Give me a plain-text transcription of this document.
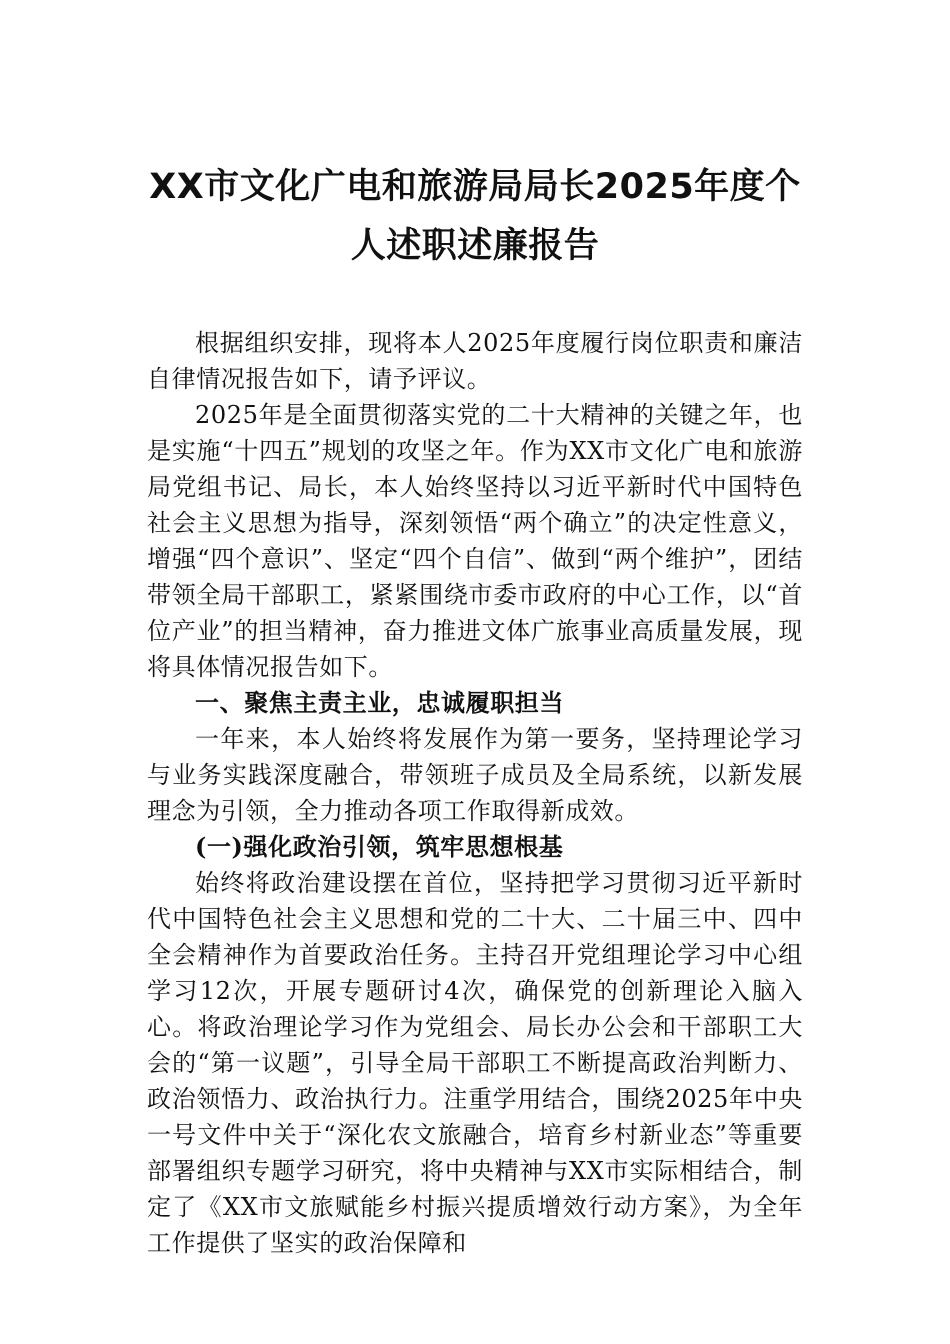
XX市文化广电和旅游局局长2025年度个
人述职述廉报告

根据组织安排，现将本人2025年度履行岗位职责和廉洁自律情况报告如下，请予评议。

2025年是全面贯彻落实党的二十大精神的关键之年，也是实施“十四五”规划的攻坚之年。作为XX市文化广电和旅游局党组书记、局长，本人始终坚持以习近平新时代中国特色社会主义思想为指导，深刻领悟“两个确立”的决定性意义，增强“四个意识”、坚定“四个自信”、做到“两个维护”，团结带领全局干部职工，紧紧围绕市委市政府的中心工作，以“首位产业”的担当精神，奋力推进文体广旅事业高质量发展，现将具体情况报告如下。

一、聚焦主责主业，忠诚履职担当

一年来，本人始终将发展作为第一要务，坚持理论学习与业务实践深度融合，带领班子成员及全局系统，以新发展理念为引领，全力推动各项工作取得新成效。

(一)强化政治引领，筑牢思想根基

始终将政治建设摆在首位，坚持把学习贯彻习近平新时代中国特色社会主义思想和党的二十大、二十届三中、四中全会精神作为首要政治任务。主持召开党组理论学习中心组学习12次，开展专题研讨4次，确保党的创新理论入脑入心。将政治理论学习作为党组会、局长办公会和干部职工大会的“第一议题”，引导全局干部职工不断提高政治判断力、政治领悟力、政治执行力。注重学用结合，围绕2025年中央一号文件中关于“深化农文旅融合，培育乡村新业态”等重要部署组织专题学习研究，将中央精神与XX市实际相结合，制定了《XX市文旅赋能乡村振兴提质增效行动方案》，为全年工作提供了坚实的政治保障和
